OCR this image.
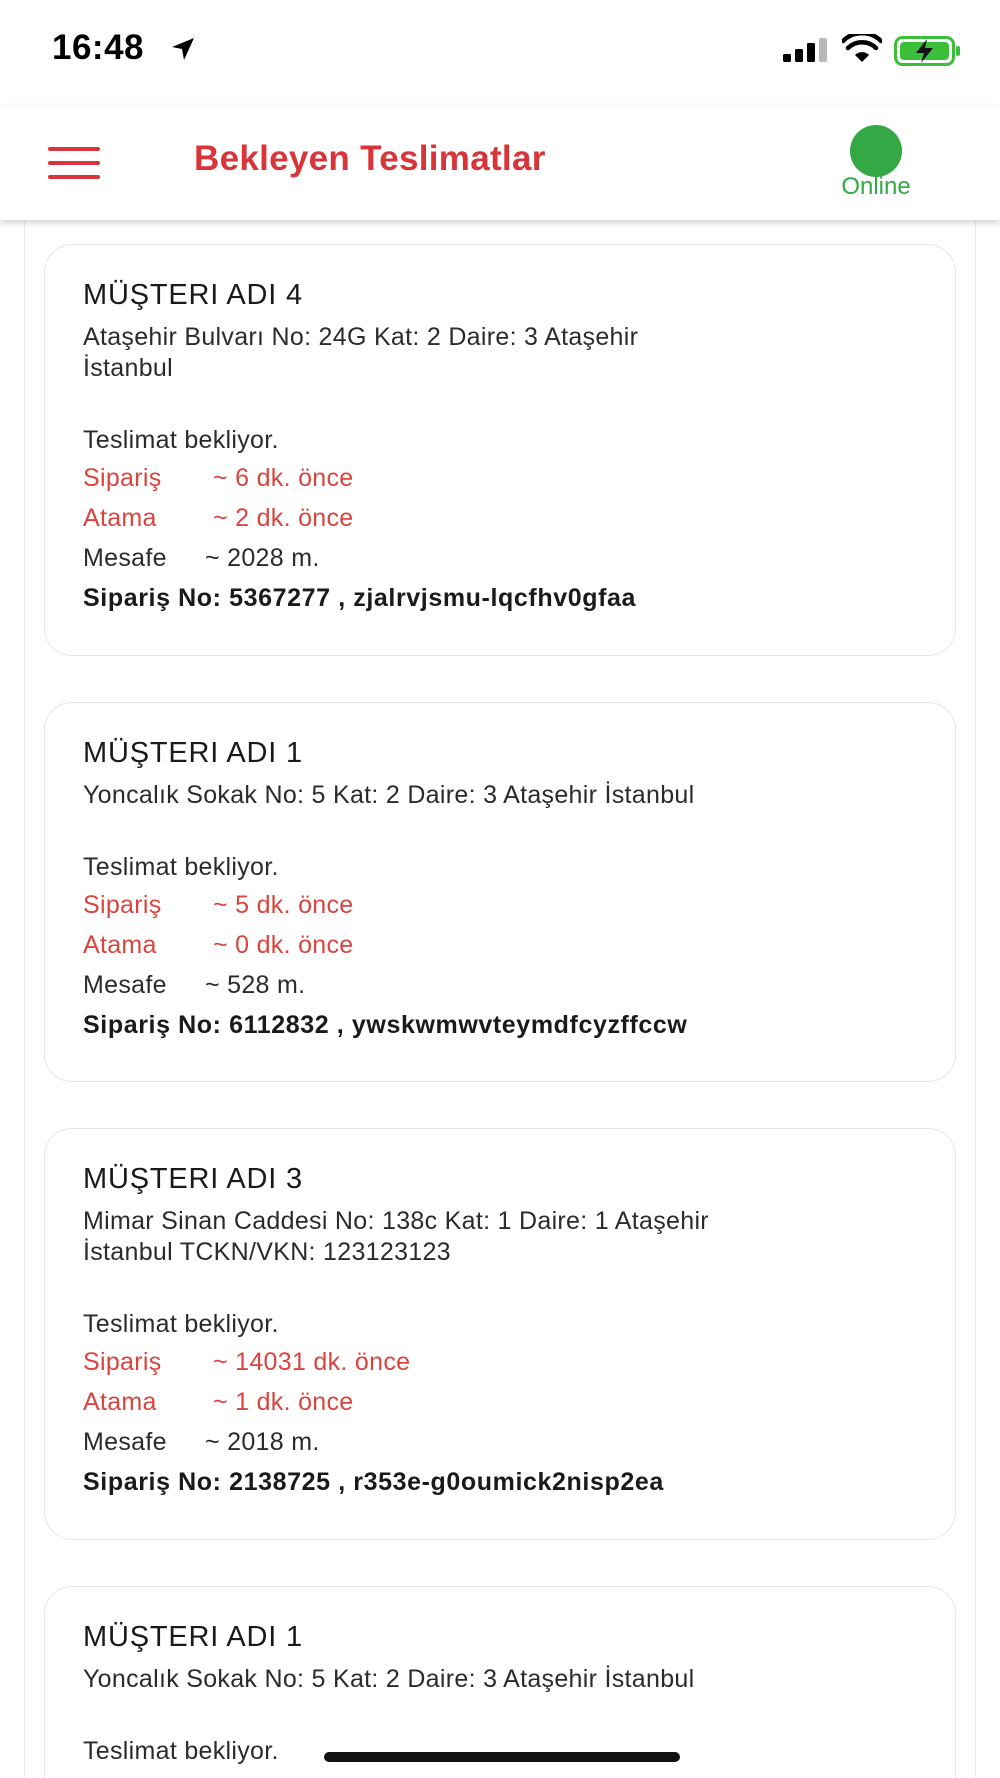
16:48
Bekleyen Teslimatlar
Online
MÜŞTERI ADI 4
Ataşehir Bulvarı No: 24G Kat: 2 Daire: 3 Ataşehir
İstanbul
Teslimat bekliyor.
Sipariş ~ 6 dk. önce
Atama ~ 2 dk. önce
Mesafe ~ 2028 m.
Sipariş No: 5367277 , zjalrvjsmu-lqcfhv0gfaa
MÜŞTERI ADI 1
Yoncalık Sokak No: 5 Kat: 2 Daire: 3 Ataşehir İstanbul
Teslimat bekliyor.
Sipariş ~ 5 dk. önce
Atama ~ 0 dk. önce
Mesafe ~ 528 m.
Sipariş No: 6112832 , ywskwmwvteymdfcyzffccw
MÜŞTERI ADI 3
Mimar Sinan Caddesi No: 138c Kat: 1 Daire: 1 Ataşehir
İstanbul TCKN/VKN: 123123123
Teslimat bekliyor.
Sipariş ~ 14031 dk. önce
Atama ~ 1 dk. önce
Mesafe ~ 2018 m.
Sipariş No: 2138725 , r353e-g0oumick2nisp2ea
MÜŞTERI ADI 1
Yoncalık Sokak No: 5 Kat: 2 Daire: 3 Ataşehir İstanbul
Teslimat bekliyor.
